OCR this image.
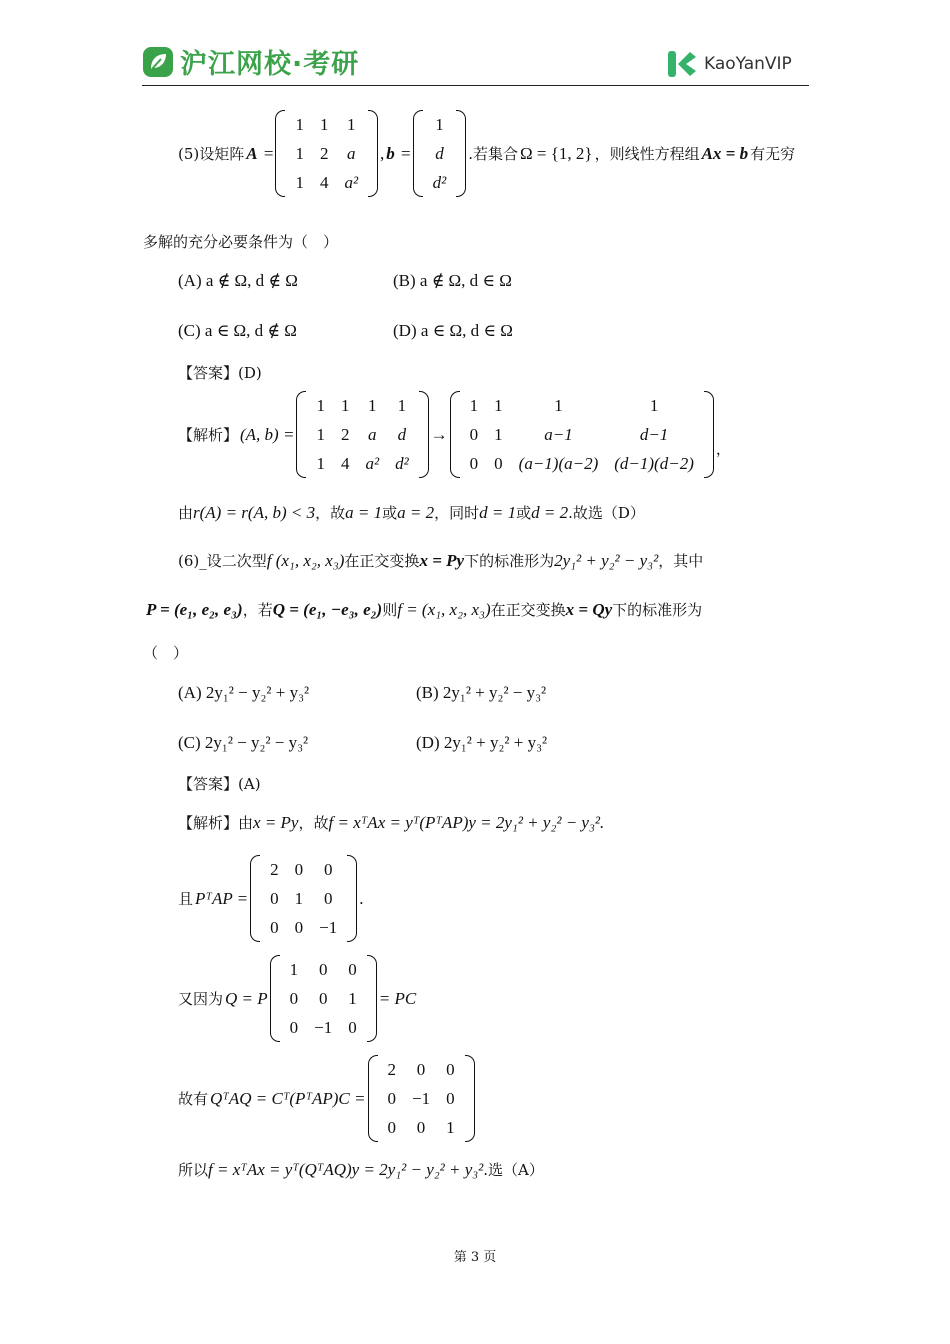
沪江网校·考研	KaoYanVIP
(5)设矩阵 A =
1	1	1
1	2	a
1	4	a²
, b =
1
d
d²
.若集合 Ω = {1, 2} ，则线性方程组 Ax = b 有无穷
多解的充分必要条件为（　）
(A) a ∉ Ω, d ∉ Ω	(B) a ∉ Ω, d ∈ Ω
(C) a ∈ Ω, d ∉ Ω	(D) a ∈ Ω, d ∈ Ω
【答案】(D)
【解析】 (A, b) =
1	1	1	1
1	2	a	d
1	4	a²	d²
→
1	1	1	1
0	1	a−1	d−1
0	0	(a−1)(a−2)	(d−1)(d−2)
，
由r(A) = r(A, b) < 3，故a = 1或a = 2，同时d = 1或d = 2.故选（D）
(6)_设二次型f (x₁, x₂, x₃)在正交变换x = Py下的标准形为2y₁² + y₂² − y₃²，其中
P = (e₁, e₂, e₃)，若Q = (e₁, −e₃, e₂)则f = (x₁, x₂, x₃)在正交变换x = Qy下的标准形为
（　）
(A) 2y₁² − y₂² + y₃²	(B) 2y₁² + y₂² − y₃²
(C) 2y₁² − y₂² − y₃²	(D) 2y₁² + y₂² + y₃²
【答案】(A)
【解析】由x = Py，故f = xᵀAx = yᵀ(PᵀAP)y = 2y₁² + y₂² − y₃².
且 PᵀAP =
2	0	0
0	1	0
0	0	−1
.
又因为 Q = P
1	0	0
0	0	1
0	−1	0
= PC
故有 QᵀAQ = Cᵀ(PᵀAP)C =
2	0	0
0	−1	0
0	0	1
所以f = xᵀAx = yᵀ(QᵀAQ)y = 2y₁² − y₂² + y₃².选（A）
第 3 页
